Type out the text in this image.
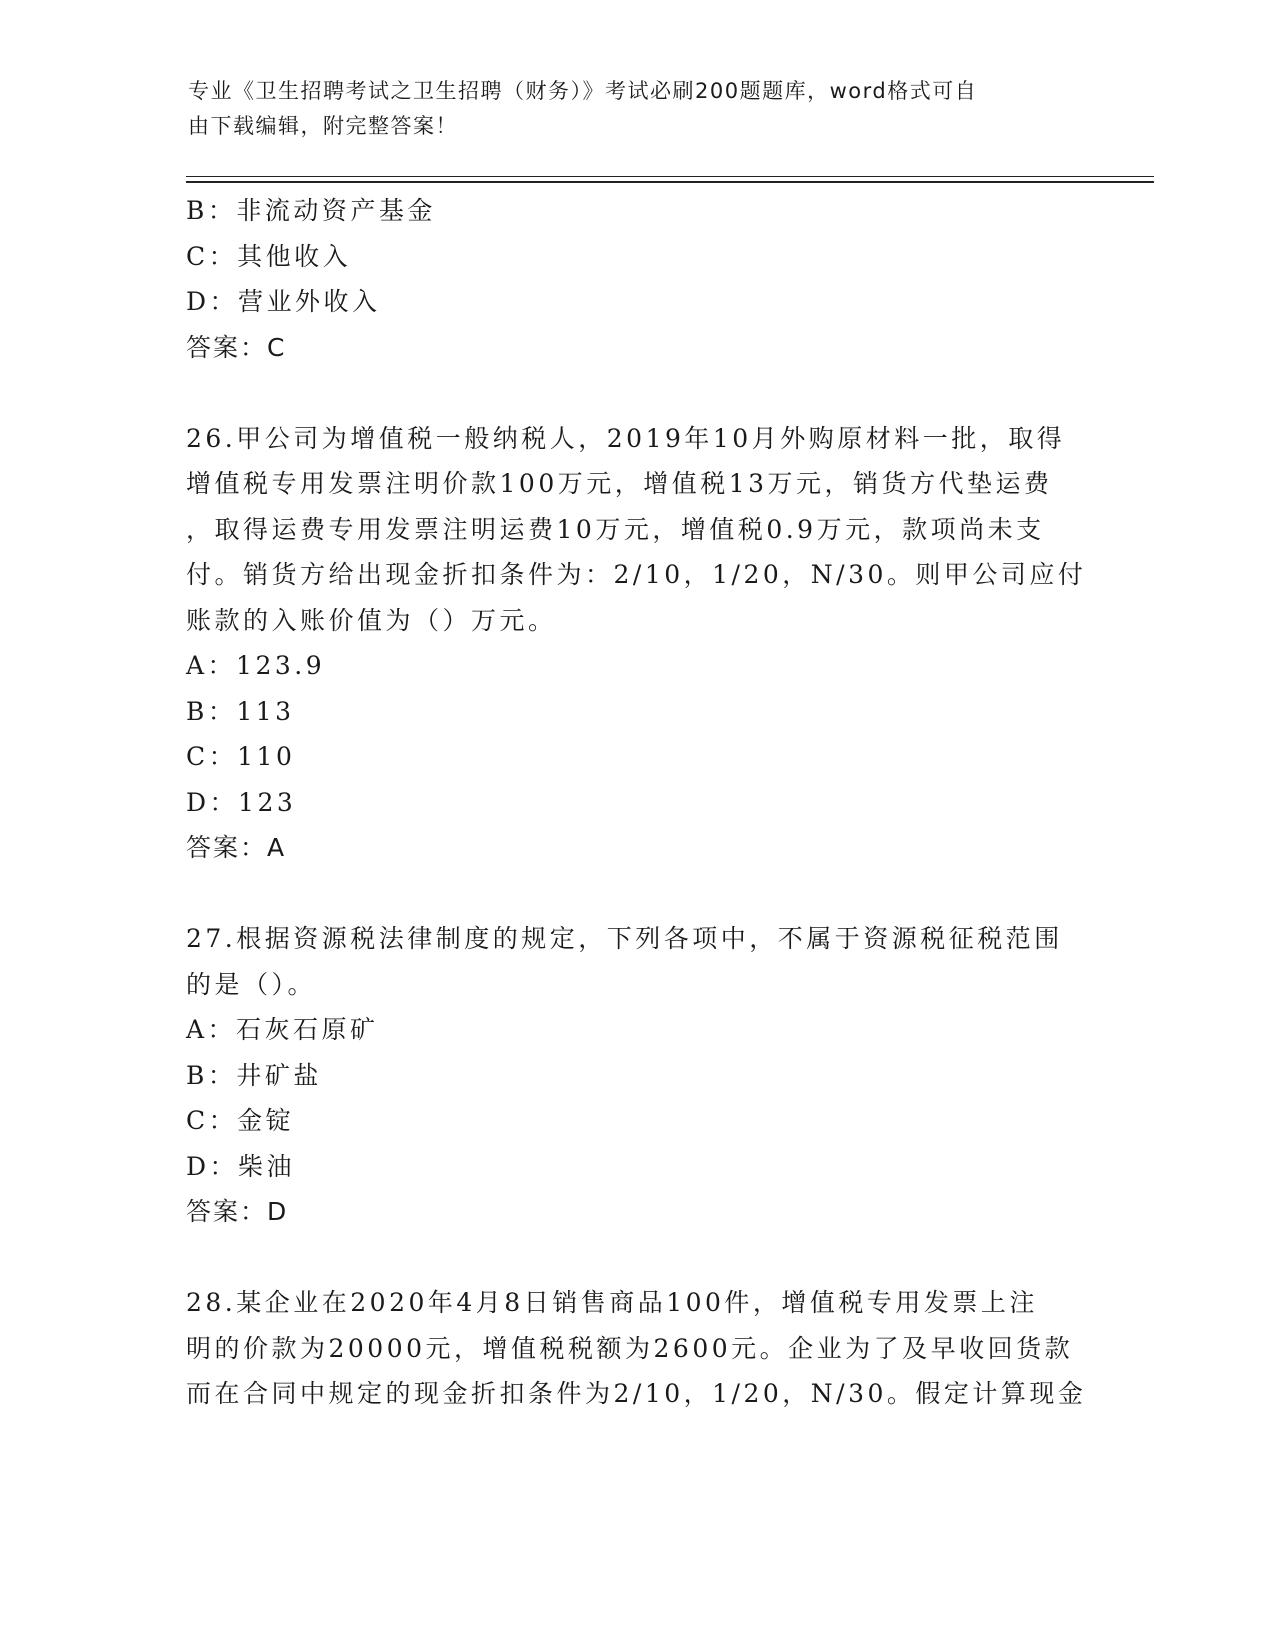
专业《卫生招聘考试之卫生招聘（财务）》考试必刷200题题库，word格式可自
由下载编辑，附完整答案！
B：非流动资产基金
C：其他收入
D：营业外收入
答案：C
26.甲公司为增值税一般纳税人，2019年10月外购原材料一批，取得
增值税专用发票注明价款100万元，增值税13万元，销货方代垫运费
，取得运费专用发票注明运费10万元，增值税0.9万元，款项尚未支
付。销货方给出现金折扣条件为：2/10，1/20，N/30。则甲公司应付
账款的入账价值为（）万元。
A：123.9
B：113
C：110
D：123
答案：A
27.根据资源税法律制度的规定，下列各项中，不属于资源税征税范围
的是（）。
A：石灰石原矿
B：井矿盐
C：金锭
D：柴油
答案：D
28.某企业在2020年4月8日销售商品100件，增值税专用发票上注
明的价款为20000元，增值税税额为2600元。企业为了及早收回货款
而在合同中规定的现金折扣条件为2/10，1/20，N/30。假定计算现金
